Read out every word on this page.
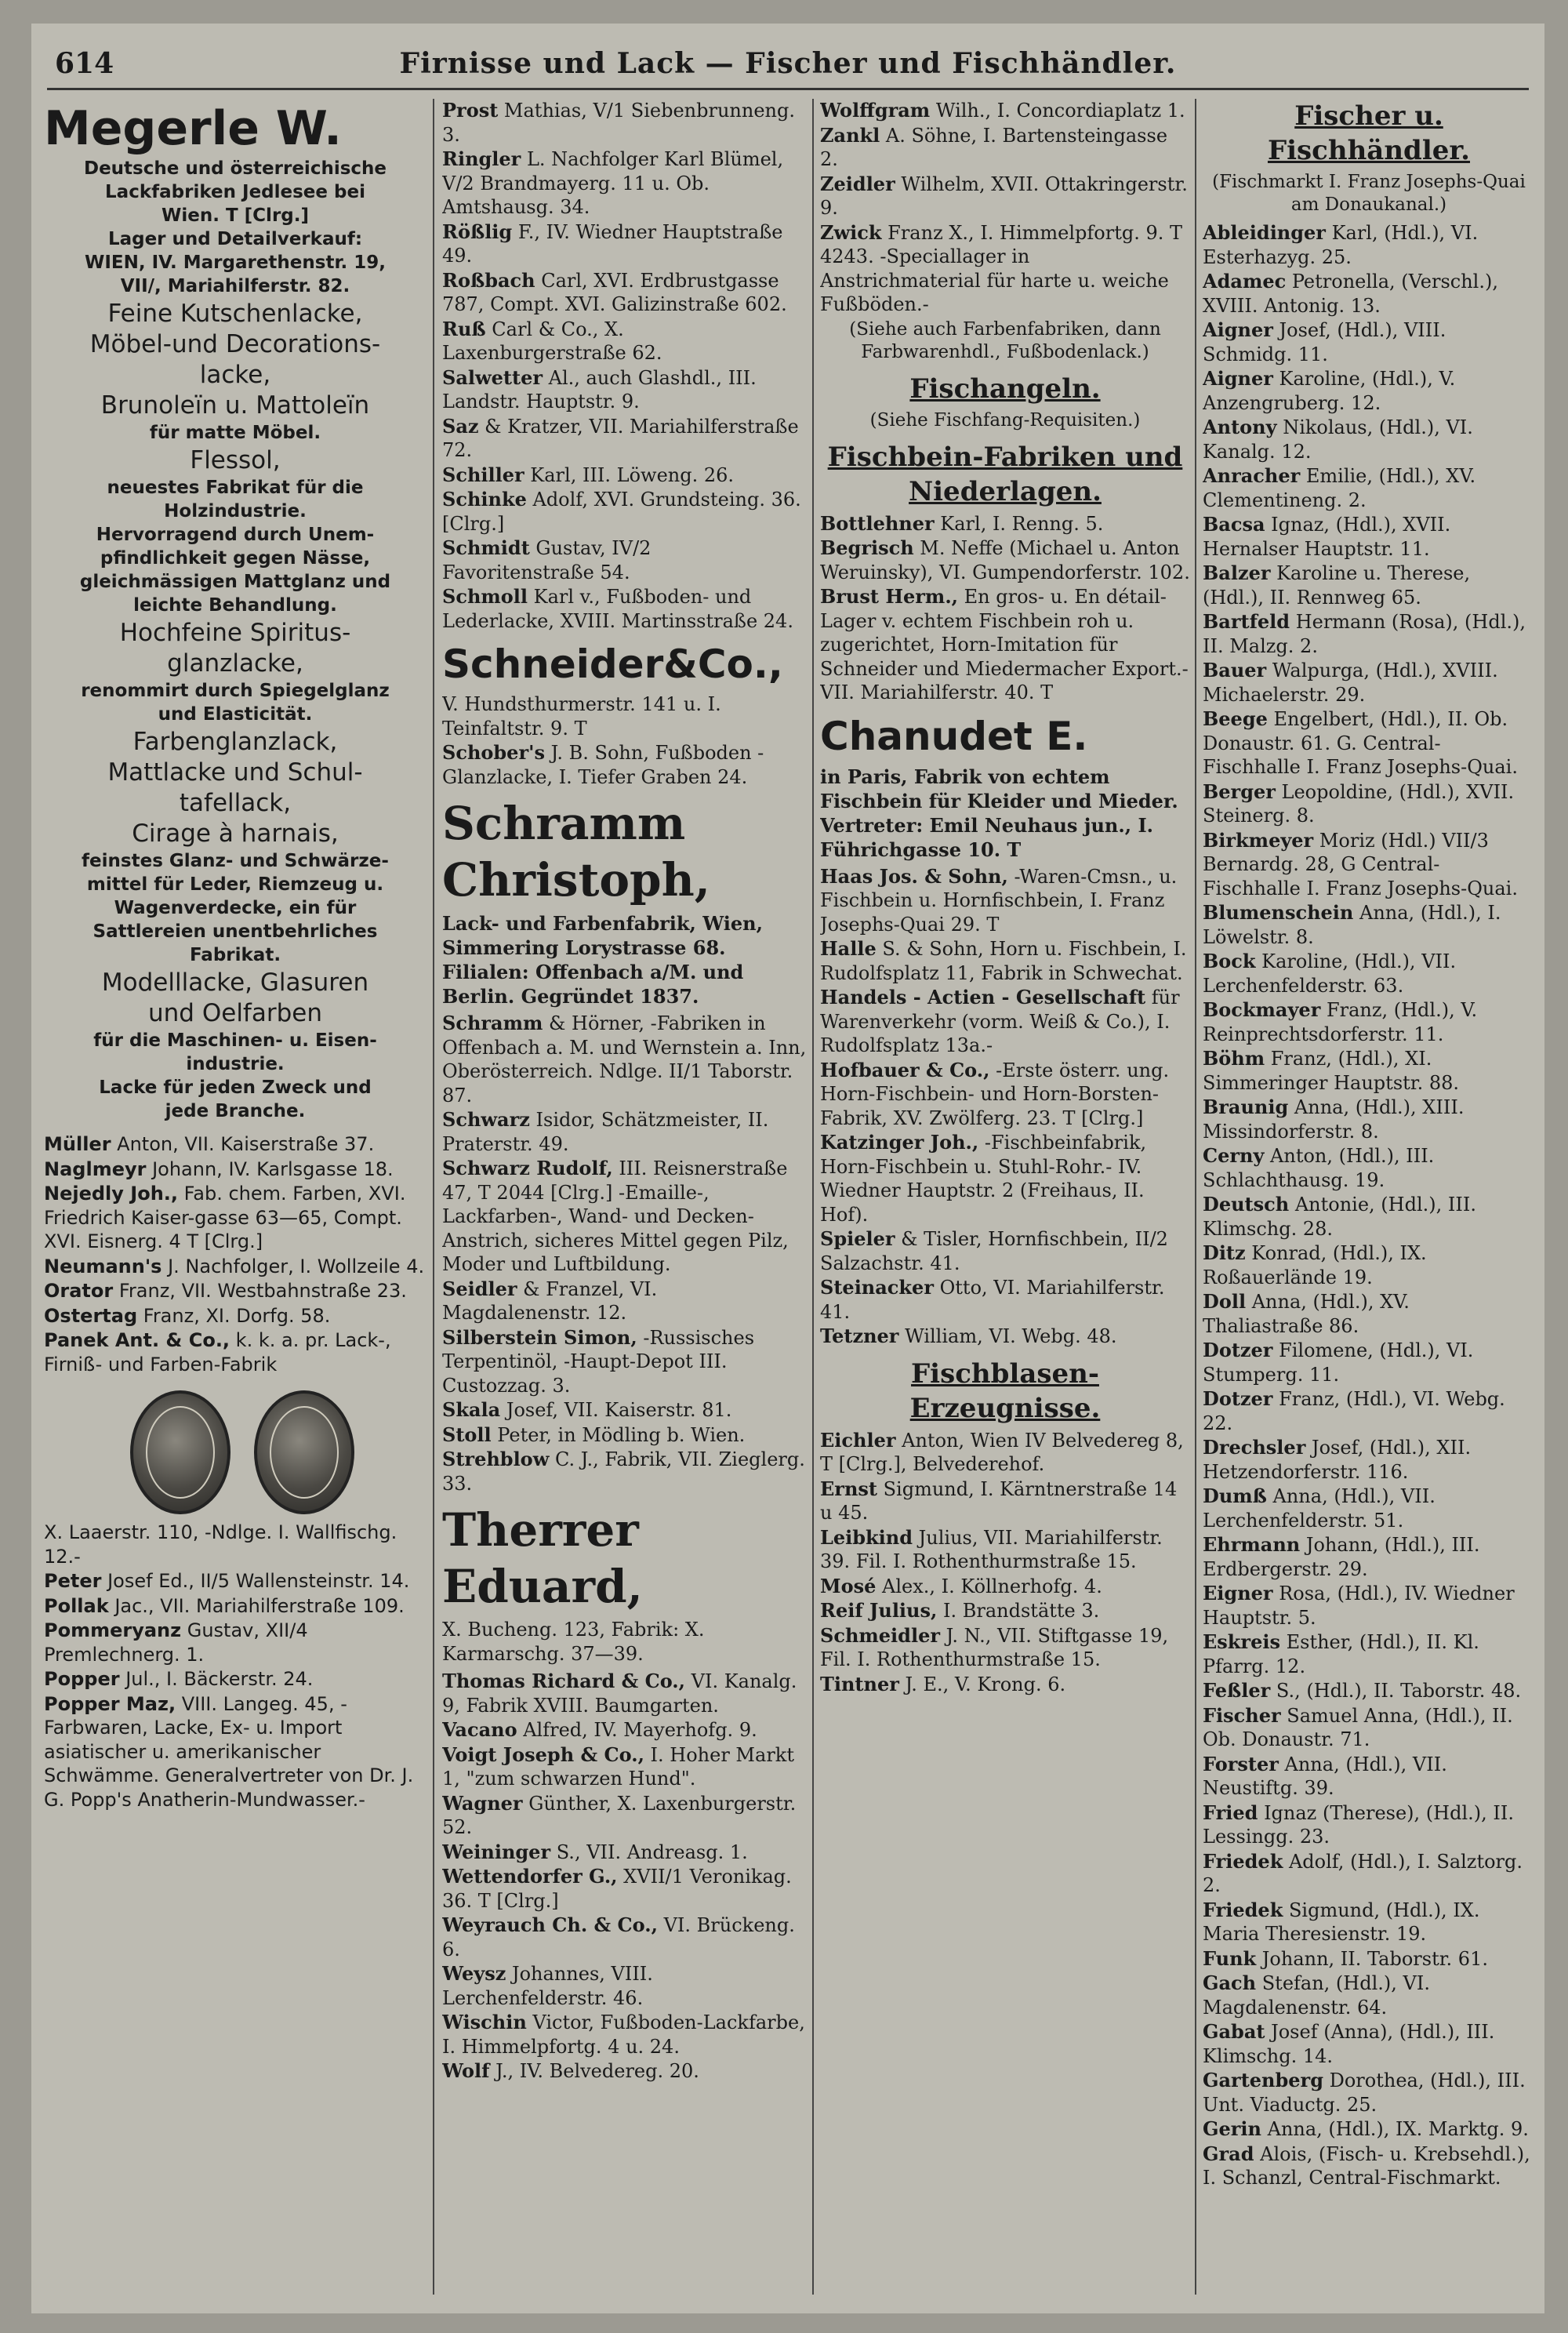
614	Firnisse und Lack — Fischer und Fischhändler.
Megerle W.
Deutsche und österreichische
Lackfabriken Jedlesee bei
Wien. T [Clrg.]
Lager und Detailverkauf:
WIEN, IV. Margarethenstr. 19,
VII/, Mariahilferstr. 82.
Feine Kutschenlacke,
Möbel-und Decorations-
lacke,
Brunoleïn u. Mattoleïn
für matte Möbel.
Flessol,
neuestes Fabrikat für die
Holzindustrie.
Hervorragend durch Unem-
pfindlichkeit gegen Nässe,
gleichmässigen Mattglanz und
leichte Behandlung.
Hochfeine Spiritus-
glanzlacke,
renommirt durch Spiegelglanz
und Elasticität.
Farbenglanzlack,
Mattlacke und Schul-
tafellack,
Cirage à harnais,
feinstes Glanz- und Schwärze-
mittel für Leder, Riemzeug u.
Wagenverdecke, ein für
Sattlereien unentbehrliches
Fabrikat.
Modelllacke, Glasuren
und Oelfarben
für die Maschinen- u. Eisen-
industrie.
Lacke für jeden Zweck und
jede Branche.
Müller Anton, VII. Kaiserstraße 37.
Naglmeyr Johann, IV. Karlsgasse 18.
Nejedly Joh., Fab. chem. Farben, XVI. Friedrich Kaiser-gasse 63—65, Compt. XVI. Eisnerg. 4 T [Clrg.]
Neumann's J. Nachfolger, I. Wollzeile 4.
Orator Franz, VII. Westbahnstraße 23.
Ostertag Franz, XI. Dorfg. 58.
Panek Ant. & Co., k. k. a. pr. Lack-, Firniß- und Farben-Fabrik
X. Laaerstr. 110, -Ndlge. I. Wallfischg. 12.-
Peter Josef Ed., II/5 Wallensteinstr. 14.
Pollak Jac., VII. Mariahilferstraße 109.
Pommeryanz Gustav, XII/4 Premlechnerg. 1.
Popper Jul., I. Bäckerstr. 24.
Popper Maz, VIII. Langeg. 45, -Farbwaren, Lacke, Ex- u. Import asiatischer u. amerikanischer Schwämme. Generalvertreter von Dr. J. G. Popp's Anatherin-Mundwasser.-
Prost Mathias, V/1 Siebenbrunneng. 3.
Ringler L. Nachfolger Karl Blümel, V/2 Brandmayerg. 11 u. Ob. Amtshausg. 34.
Rößlig F., IV. Wiedner Hauptstraße 49.
Roßbach Carl, XVI. Erdbrustgasse 787, Compt. XVI. Galizinstraße 602.
Ruß Carl & Co., X. Laxenburgerstraße 62.
Salwetter Al., auch Glashdl., III. Landstr. Hauptstr. 9.
Saz & Kratzer, VII. Mariahilferstraße 72.
Schiller Karl, III. Löweng. 26.
Schinke Adolf, XVI. Grundsteing. 36. [Clrg.]
Schmidt Gustav, IV/2 Favoritenstraße 54.
Schmoll Karl v., Fußboden- und Lederlacke, XVIII. Martinsstraße 24.
Schneider&Co.,
V. Hundsthurmerstr. 141 u. I. Teinfaltstr. 9. T
Schober's J. B. Sohn, Fußboden - Glanzlacke, I. Tiefer Graben 24.
Schramm Christoph,
Lack- und Farbenfabrik, Wien, Simmering Lorystrasse 68. Filialen: Offenbach a/M. und Berlin. Gegründet 1837.
Schramm & Hörner, -Fabriken in Offenbach a. M. und Wernstein a. Inn, Oberösterreich. Ndlge. II/1 Taborstr. 87.
Schwarz Isidor, Schätzmeister, II. Praterstr. 49.
Schwarz Rudolf, III. Reisnerstraße 47, T 2044 [Clrg.] -Emaille-, Lackfarben-, Wand- und Decken-Anstrich, sicheres Mittel gegen Pilz, Moder und Luftbildung.
Seidler & Franzel, VI. Magdalenenstr. 12.
Silberstein Simon, -Russisches Terpentinöl, -Haupt-Depot III. Custozzag. 3.
Skala Josef, VII. Kaiserstr. 81.
Stoll Peter, in Mödling b. Wien.
Strehblow C. J., Fabrik, VII. Zieglerg. 33.
Therrer Eduard,
X. Bucheng. 123, Fabrik: X. Karmarschg. 37—39.
Thomas Richard & Co., VI. Kanalg. 9, Fabrik XVIII. Baumgarten.
Vacano Alfred, IV. Mayerhofg. 9.
Voigt Joseph & Co., I. Hoher Markt 1, "zum schwarzen Hund".
Wagner Günther, X. Laxenburgerstr. 52.
Weininger S., VII. Andreasg. 1.
Wettendorfer G., XVII/1 Veronikag. 36. T [Clrg.]
Weyrauch Ch. & Co., VI. Brückeng. 6.
Weysz Johannes, VIII. Lerchenfelderstr. 46.
Wischin Victor, Fußboden-Lackfarbe, I. Himmelpfortg. 4 u. 24.
Wolf J., IV. Belvedereg. 20.
Wolffgram Wilh., I. Concordiaplatz 1.
Zankl A. Söhne, I. Bartensteingasse 2.
Zeidler Wilhelm, XVII. Ottakringerstr. 9.
Zwick Franz X., I. Himmelpfortg. 9. T 4243. -Speciallager in Anstrichmaterial für harte u. weiche Fußböden.-
(Siehe auch Farbenfabriken, dann Farbwarenhdl., Fußbodenlack.)
Fischangeln.
(Siehe Fischfang-Requisiten.)
Fischbein-Fabriken und
Niederlagen.
Bottlehner Karl, I. Renng. 5.
Begrisch M. Neffe (Michael u. Anton Weruinsky), VI. Gumpendorferstr. 102.
Brust Herm., En gros- u. En détail-Lager v. echtem Fischbein roh u. zugerichtet, Horn-Imitation für Schneider und Miedermacher Export.- VII. Mariahilferstr. 40. T
Chanudet E.
in Paris, Fabrik von echtem Fischbein für Kleider und Mieder. Vertreter: Emil Neuhaus jun., I. Führichgasse 10. T
Haas Jos. & Sohn, -Waren-Cmsn., u. Fischbein u. Hornfischbein, I. Franz Josephs-Quai 29. T
Halle S. & Sohn, Horn u. Fischbein, I. Rudolfsplatz 11, Fabrik in Schwechat.
Handels - Actien - Gesellschaft für Warenverkehr (vorm. Weiß & Co.), I. Rudolfsplatz 13a.-
Hofbauer & Co., -Erste österr. ung. Horn-Fischbein- und Horn-Borsten-Fabrik, XV. Zwölferg. 23. T [Clrg.]
Katzinger Joh., -Fischbeinfabrik, Horn-Fischbein u. Stuhl-Rohr.- IV. Wiedner Hauptstr. 2 (Freihaus, II. Hof).
Spieler & Tisler, Hornfischbein, II/2 Salzachstr. 41.
Steinacker Otto, VI. Mariahilferstr. 41.
Tetzner William, VI. Webg. 48.
Fischblasen-Erzeugnisse.
Eichler Anton, Wien IV Belvedereg 8, T [Clrg.], Belvederehof.
Ernst Sigmund, I. Kärntnerstraße 14 u 45.
Leibkind Julius, VII. Mariahilferstr. 39. Fil. I. Rothenthurmstraße 15.
Mosé Alex., I. Köllnerhofg. 4.
Reif Julius, I. Brandstätte 3.
Schmeidler J. N., VII. Stiftgasse 19, Fil. I. Rothenthurmstraße 15.
Tintner J. E., V. Krong. 6.
Fischer u. Fischhändler.
(Fischmarkt I. Franz Josephs-Quai am Donaukanal.)
Ableidinger Karl, (Hdl.), VI. Esterhazyg. 25.
Adamec Petronella, (Verschl.), XVIII. Antonig. 13.
Aigner Josef, (Hdl.), VIII. Schmidg. 11.
Aigner Karoline, (Hdl.), V. Anzengruberg. 12.
Antony Nikolaus, (Hdl.), VI. Kanalg. 12.
Anracher Emilie, (Hdl.), XV. Clementineng. 2.
Bacsa Ignaz, (Hdl.), XVII. Hernalser Hauptstr. 11.
Balzer Karoline u. Therese, (Hdl.), II. Rennweg 65.
Bartfeld Hermann (Rosa), (Hdl.), II. Malzg. 2.
Bauer Walpurga, (Hdl.), XVIII. Michaelerstr. 29.
Beege Engelbert, (Hdl.), II. Ob. Donaustr. 61. G. Central-Fischhalle I. Franz Josephs-Quai.
Berger Leopoldine, (Hdl.), XVII. Steinerg. 8.
Birkmeyer Moriz (Hdl.) VII/3 Bernardg. 28, G Central-Fischhalle I. Franz Josephs-Quai.
Blumenschein Anna, (Hdl.), I. Löwelstr. 8.
Bock Karoline, (Hdl.), VII. Lerchenfelderstr. 63.
Bockmayer Franz, (Hdl.), V. Reinprechtsdorferstr. 11.
Böhm Franz, (Hdl.), XI. Simmeringer Hauptstr. 88.
Braunig Anna, (Hdl.), XIII. Missindorferstr. 8.
Cerny Anton, (Hdl.), III. Schlachthausg. 19.
Deutsch Antonie, (Hdl.), III. Klimschg. 28.
Ditz Konrad, (Hdl.), IX. Roßauerlände 19.
Doll Anna, (Hdl.), XV. Thaliastraße 86.
Dotzer Filomene, (Hdl.), VI. Stumperg. 11.
Dotzer Franz, (Hdl.), VI. Webg. 22.
Drechsler Josef, (Hdl.), XII. Hetzendorferstr. 116.
Dumß Anna, (Hdl.), VII. Lerchenfelderstr. 51.
Ehrmann Johann, (Hdl.), III. Erdbergerstr. 29.
Eigner Rosa, (Hdl.), IV. Wiedner Hauptstr. 5.
Eskreis Esther, (Hdl.), II. Kl. Pfarrg. 12.
Feßler S., (Hdl.), II. Taborstr. 48.
Fischer Samuel Anna, (Hdl.), II. Ob. Donaustr. 71.
Forster Anna, (Hdl.), VII. Neustiftg. 39.
Fried Ignaz (Therese), (Hdl.), II. Lessingg. 23.
Friedek Adolf, (Hdl.), I. Salztorg. 2.
Friedek Sigmund, (Hdl.), IX. Maria Theresienstr. 19.
Funk Johann, II. Taborstr. 61.
Gach Stefan, (Hdl.), VI. Magdalenenstr. 64.
Gabat Josef (Anna), (Hdl.), III. Klimschg. 14.
Gartenberg Dorothea, (Hdl.), III. Unt. Viaductg. 25.
Gerin Anna, (Hdl.), IX. Marktg. 9.
Grad Alois, (Fisch- u. Krebsehdl.), I. Schanzl, Central-Fischmarkt.
